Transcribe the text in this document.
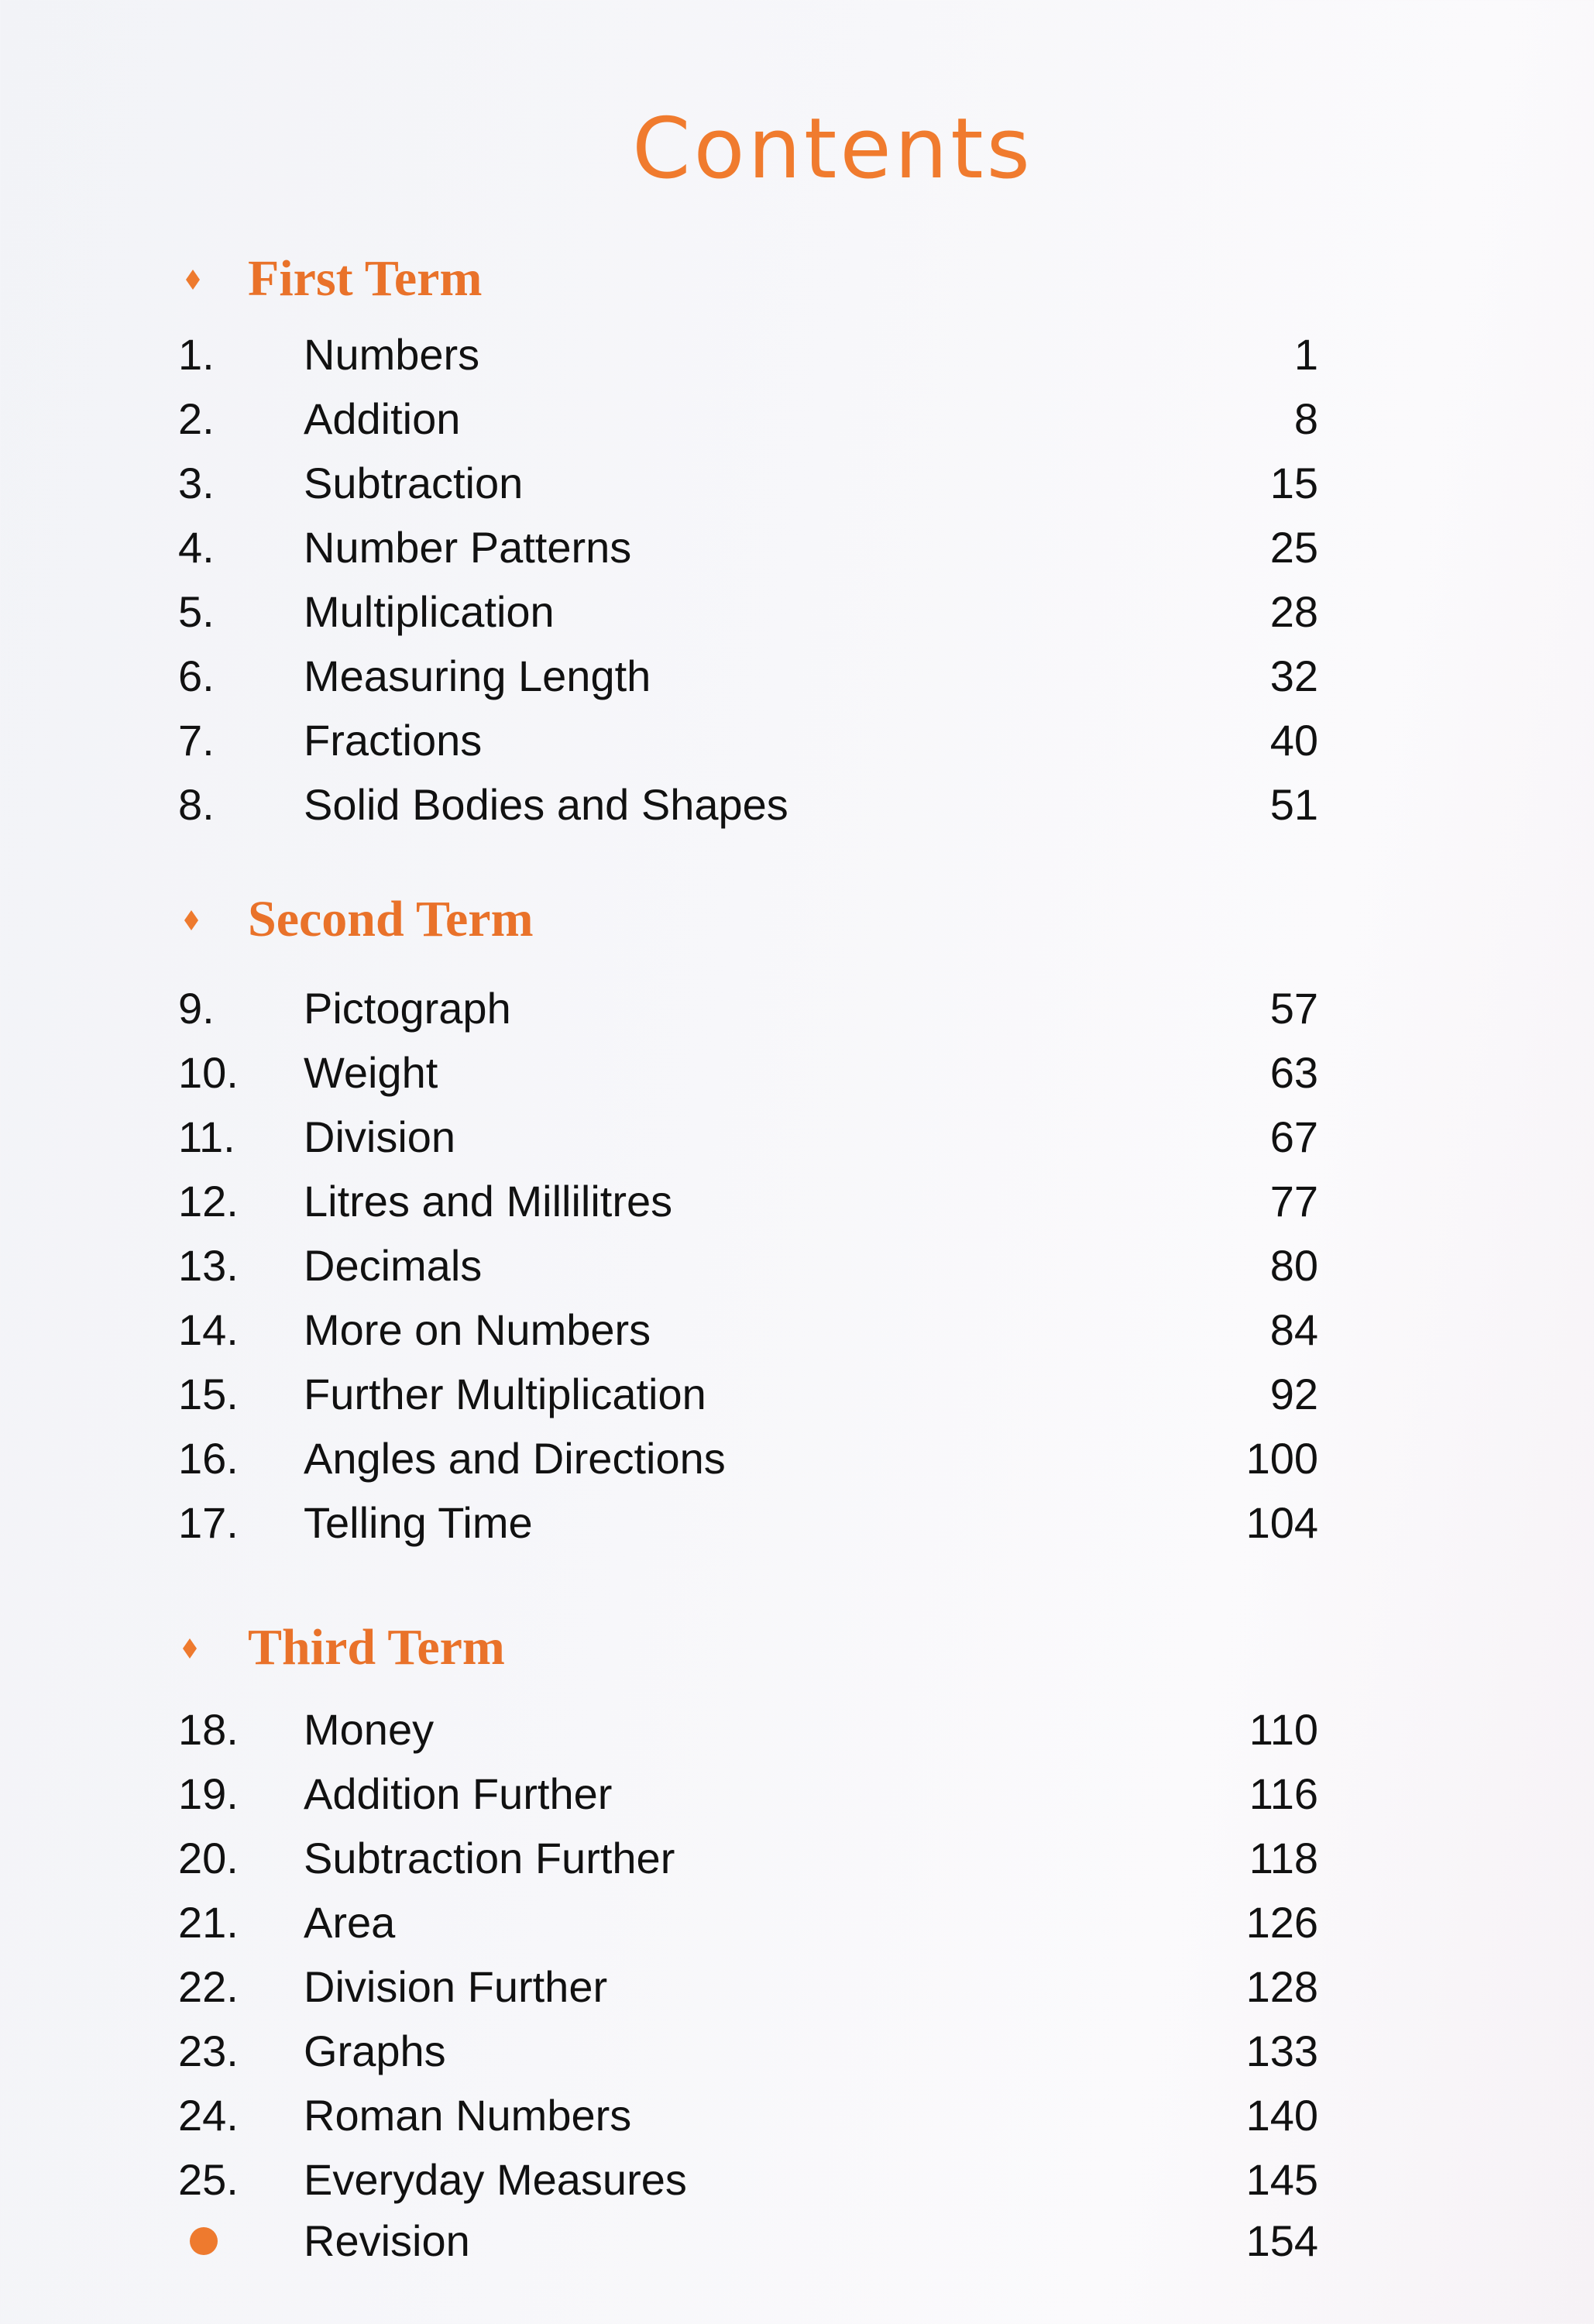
Contents
First Term
1. Numbers	1
2. Addition	8
3. Subtraction	15
4. Number Patterns	25
5. Multiplication	28
6. Measuring Length	32
7. Fractions	40
8. Solid Bodies and Shapes	51
Second Term
9. Pictograph	57
10. Weight	63
11. Division	67
12. Litres and Millilitres	77
13. Decimals	80
14. More on Numbers	84
15. Further Multiplication	92
16. Angles and Directions	100
17. Telling Time	104
Third Term
18. Money	110
19. Addition Further	116
20. Subtraction Further	118
21. Area	126
22. Division Further	128
23. Graphs	133
24. Roman Numbers	140
25. Everyday Measures	145
Revision	154
